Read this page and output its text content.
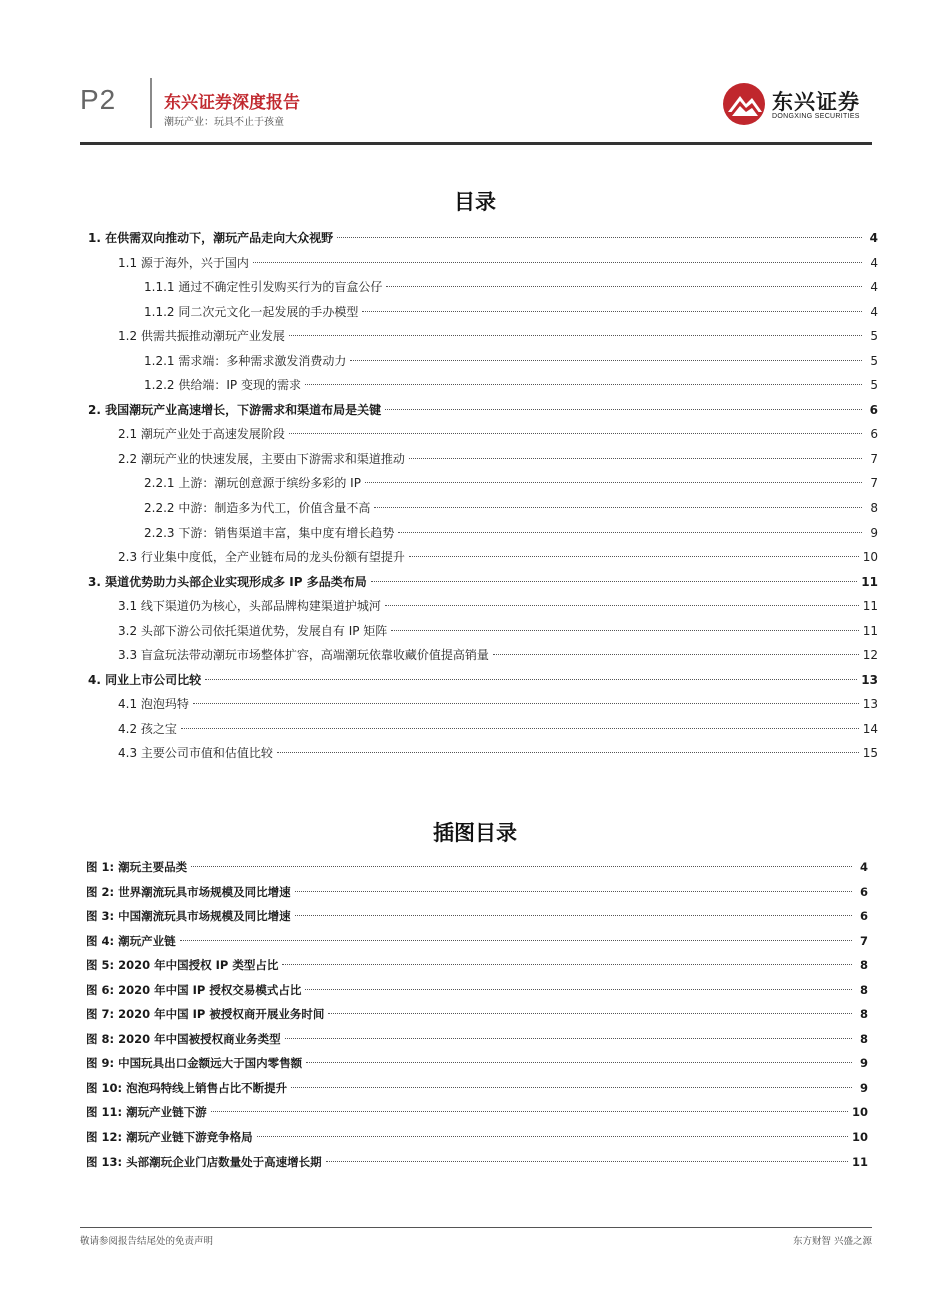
P2	东兴证券深度报告
潮玩产业：玩具不止于孩童
东兴证券
DONGXING SECURITIES
目录
1. 在供需双向推动下，潮玩产品走向大众视野	4
1.1 源于海外，兴于国内	4
1.1.1 通过不确定性引发购买行为的盲盒公仔	4
1.1.2 同二次元文化一起发展的手办模型	4
1.2 供需共振推动潮玩产业发展	5
1.2.1 需求端：多种需求激发消费动力	5
1.2.2 供给端：IP 变现的需求	5
2. 我国潮玩产业高速增长，下游需求和渠道布局是关键	6
2.1 潮玩产业处于高速发展阶段	6
2.2 潮玩产业的快速发展，主要由下游需求和渠道推动	7
2.2.1 上游：潮玩创意源于缤纷多彩的 IP	7
2.2.2 中游：制造多为代工，价值含量不高	8
2.2.3 下游：销售渠道丰富，集中度有增长趋势	9
2.3 行业集中度低，全产业链布局的龙头份额有望提升	10
3. 渠道优势助力头部企业实现形成多 IP 多品类布局	11
3.1 线下渠道仍为核心，头部品牌构建渠道护城河	11
3.2 头部下游公司依托渠道优势，发展自有 IP 矩阵	11
3.3 盲盒玩法带动潮玩市场整体扩容，高端潮玩依靠收藏价值提高销量	12
4. 同业上市公司比较	13
4.1 泡泡玛特	13
4.2 孩之宝	14
4.3 主要公司市值和估值比较	15
插图目录
图 1: 潮玩主要品类	4
图 2: 世界潮流玩具市场规模及同比增速	6
图 3: 中国潮流玩具市场规模及同比增速	6
图 4: 潮玩产业链	7
图 5: 2020 年中国授权 IP 类型占比	8
图 6: 2020 年中国 IP 授权交易模式占比	8
图 7: 2020 年中国 IP 被授权商开展业务时间	8
图 8: 2020 年中国被授权商业务类型	8
图 9: 中国玩具出口金额远大于国内零售额	9
图 10: 泡泡玛特线上销售占比不断提升	9
图 11: 潮玩产业链下游	10
图 12: 潮玩产业链下游竞争格局	10
图 13: 头部潮玩企业门店数量处于高速增长期	11
敬请参阅报告结尾处的免责声明	东方财智 兴盛之源
